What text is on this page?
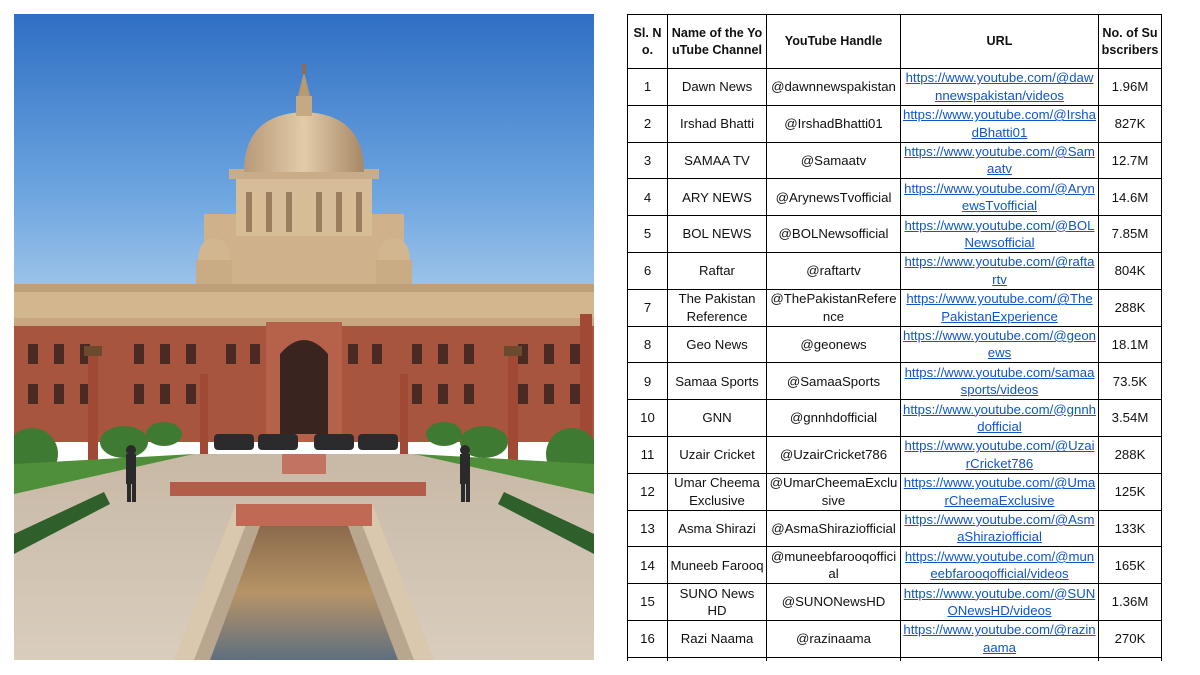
Sl. No.	Name of the YouTube Channel	YouTube Handle	URL	No. of Subscribers
1	Dawn News	@dawnnewspakistan	https://www.youtube.com/@dawnnewspakistan/videos	1.96M
2	Irshad Bhatti	@IrshadBhatti01	https://www.youtube.com/@IrshadBhatti01	827K
3	SAMAA TV	@Samaatv	https://www.youtube.com/@Samaatv	12.7M
4	ARY NEWS	@ArynewsTvofficial	https://www.youtube.com/@ArynewsTvofficial	14.6M
5	BOL NEWS	@BOLNewsofficial	https://www.youtube.com/@BOLNewsofficial	7.85M
6	Raftar	@raftartv	https://www.youtube.com/@raftartv	804K
7	The Pakistan Reference	@ThePakistanReference	https://www.youtube.com/@ThePakistanExperience	288K
8	Geo News	@geonews	https://www.youtube.com/@geonews	18.1M
9	Samaa Sports	@SamaaSports	https://www.youtube.com/samaasports/videos	73.5K
10	GNN	@gnnhdofficial	https://www.youtube.com/@gnnhdofficial	3.54M
11	Uzair Cricket	@UzairCricket786	https://www.youtube.com/@UzairCricket786	288K
12	Umar Cheema Exclusive	@UmarCheemaExclusive	https://www.youtube.com/@UmarCheemaExclusive	125K
13	Asma Shirazi	@AsmaShiraziofficial	https://www.youtube.com/@AsmaShiraziofficial	133K
14	Muneeb Farooq	@muneebfarooqofficial	https://www.youtube.com/@muneebfarooqofficial/videos	165K
15	SUNO News HD	@SUNONewsHD	https://www.youtube.com/@SUNONewsHD/videos	1.36M
16	Razi Naama	@razinaama	https://www.youtube.com/@razinaama	270K
